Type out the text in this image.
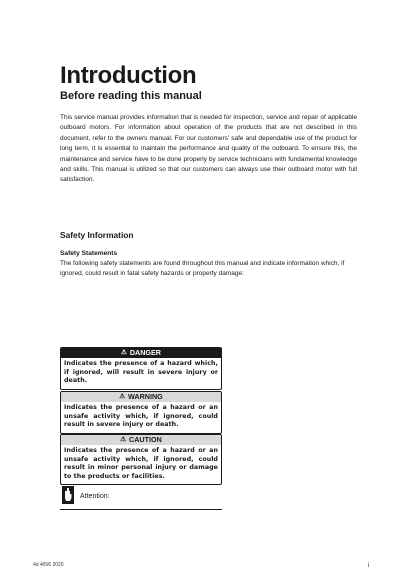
Introduction
Before reading this manual

This service manual provides information that is needed for inspection, service and repair of applicable outboard motors. For information about operation of the products that are not described in this document, refer to the owners manual. For our customers' safe and dependable use of the product for long term, it is essential to maintain the performance and quality of the outboard. To ensure this, the maintenance and service have to be done properly by service technicians with fundamental knowledge and skills. This manual is utilized so that our customers can always use their outboard motor with full satisfaction.

Safety Information
Safety Statements

The following safety statements are found throughout this manual and indicate information which, if ignored, could result in fatal safety hazards or property damage:

⚠ DANGER
Indicates the presence of a hazard which, if ignored, will result in severe injury or death.
⚠ WARNING
Indicates the presence of a hazard or an unsafe activity which, if ignored, could result in severe injury or death.
⚠ CAUTION
Indicates the presence of a hazard or an unsafe activity which, if ignored, could result in minor personal injury or damage to the products or facilities.
Attention:
4d 4/5/6 2020	i
